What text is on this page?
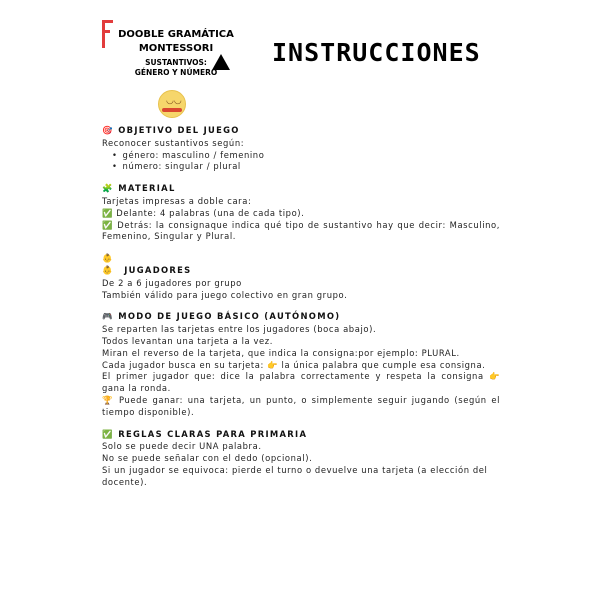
DOOBLE GRAMÁTICA
MONTESSORI
SUSTANTIVOS:
GÉNERO Y NÚMERO
◡◡
INSTRUCCIONES
🎯 OBJETIVO DEL JUEGO

Reconocer sustantivos según:

• género: masculino / femenino
• número: singular / plural
🧩 MATERIAL

Tarjetas impresas a doble cara:

✅ Delante: 4 palabras (una de cada tipo).

✅ Detrás: la consignaque indica qué tipo de sustantivo hay que decir: Masculino, Femenino, Singular y Plural.

👶👶 JUGADORES

De 2 a 6 jugadores por grupo

También válido para juego colectivo en gran grupo.

🎮 MODO DE JUEGO BÁSICO (AUTÓNOMO)

Se reparten las tarjetas entre los jugadores (boca abajo).

Todos levantan una tarjeta a la vez.

Miran el reverso de la tarjeta, que indica la consigna:por ejemplo: PLURAL.

Cada jugador busca en su tarjeta: 👉 la única palabra que cumple esa consigna.

El primer jugador que: dice la palabra correctamente y respeta la consigna 👉 gana la ronda.

🏆 Puede ganar: una tarjeta, un punto, o simplemente seguir jugando (según el tiempo disponible).

✅ REGLAS CLARAS PARA PRIMARIA

Solo se puede decir UNA palabra.

No se puede señalar con el dedo (opcional).

Si un jugador se equivoca: pierde el turno o devuelve una tarjeta (a elección del docente).
